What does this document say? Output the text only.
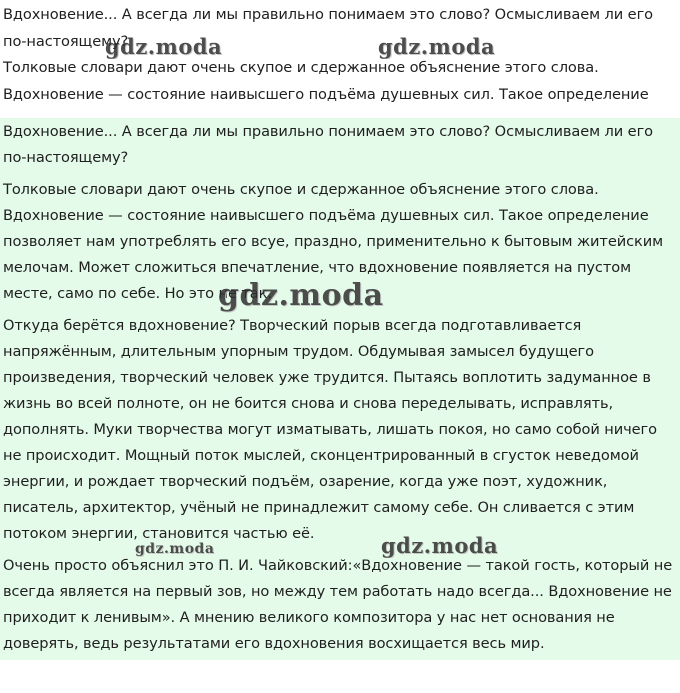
Вдохновение... А всегда ли мы правильно понимаем это слово? Осмысливаем ли его по-настоящему?

Толковые словари дают очень скупое и сдержанное объяснение этого слова. Вдохновение — состояние наивысшего подъёма душевных сил. Такое определение

Вдохновение... А всегда ли мы правильно понимаем это слово? Осмысливаем ли его по-настоящему?

Толковые словари дают очень скупое и сдержанное объяснение этого слова. Вдохновение — состояние наивысшего подъёма душевных сил. Такое определение позволяет нам употреблять его всуе, праздно, применительно к бытовым житейским мелочам. Может сложиться впечатление, что вдохновение появляется на пустом месте, само по себе. Но это не так.

Откуда берётся вдохновение? Творческий порыв всегда подготавливается напряжённым, длительным упорным трудом. Обдумывая замысел будущего произведения, творческий человек уже трудится. Пытаясь воплотить задуманное в жизнь во всей полноте, он не боится снова и снова переделывать, исправлять, дополнять. Муки творчества могут изматывать, лишать покоя, но само собой ничего не происходит. Мощный поток мыслей, сконцентрированный в сгусток неведомой энергии, и рождает творческий подъём, озарение, когда уже поэт, художник, писатель, архитектор, учёный не принадлежит самому себе. Он сливается с этим потоком энергии, становится частью её.

Очень просто объяснил это П. И. Чайковский:«Вдохновение — такой гость, который не всегда является на первый зов, но между тем работать надо всегда... Вдохновение не приходит к ленивым». А мнению великого композитора у нас нет основания не доверять, ведь результатами его вдохновения восхищается весь мир.

gdz.moda	gdz.moda
gdz.moda
gdz.moda	gdz.moda
